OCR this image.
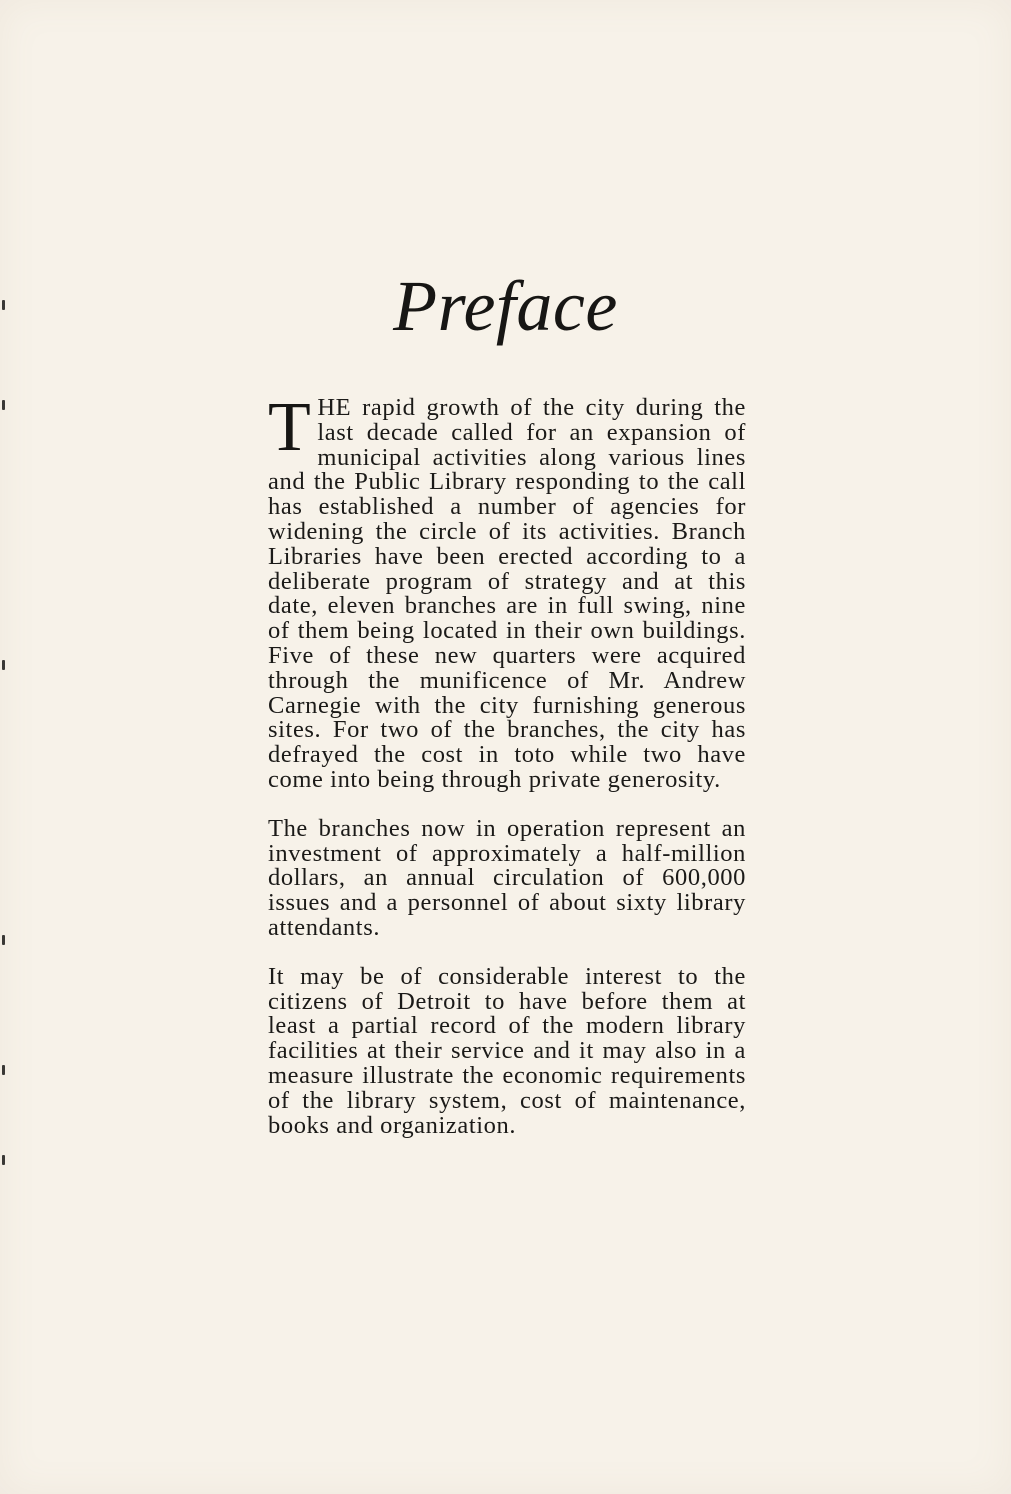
Preface

THE rapid growth of the city during the last decade called for an expansion of municipal activities along various lines and the Public Library responding to the call has established a number of agencies for widening the circle of its activities. Branch Libraries have been erected according to a deliberate program of strategy and at this date, eleven branches are in full swing, nine of them being located in their own buildings. Five of these new quarters were acquired through the munificence of Mr. Andrew Carnegie with the city furnishing generous sites. For two of the branches, the city has defrayed the cost in toto while two have come into being through private generosity.

The branches now in operation represent an investment of approximately a half-million dollars, an annual circulation of 600,000 issues and a personnel of about sixty library attendants.

It may be of considerable interest to the citizens of Detroit to have before them at least a partial record of the modern library facilities at their service and it may also in a measure illustrate the economic requirements of the library system, cost of maintenance, books and organization.
